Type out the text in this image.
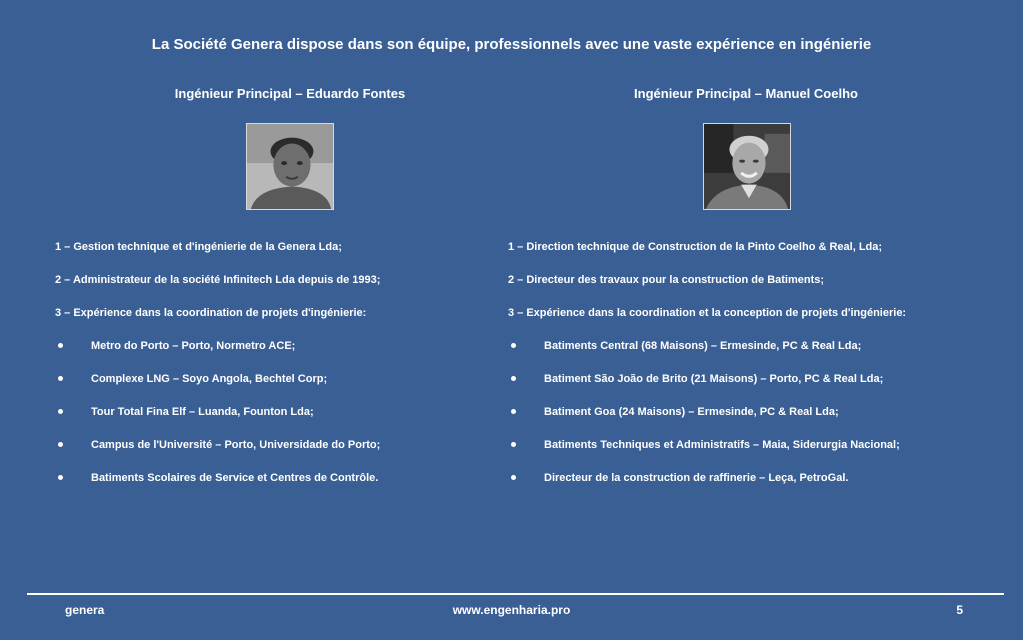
La Société Genera dispose dans son équipe, professionnels avec une vaste expérience en ingénierie
Ingénieur Principal – Eduardo Fontes	Ingénieur Principal – Manuel Coelho
1 – Gestion technique et d'ingénierie de la Genera Lda;
2 – Administrateur de la société Infinitech Lda depuis de 1993;
3 – Expérience dans la coordination de projets d'ingénierie:
Metro do Porto – Porto, Normetro ACE;
Complexe LNG – Soyo Angola, Bechtel Corp;
Tour Total Fina Elf – Luanda, Founton Lda;
Campus de l'Université – Porto, Universidade do Porto;
Batiments Scolaires de Service et Centres de Contrôle.
1 – Direction technique de Construction de la Pinto Coelho & Real, Lda;
2 – Directeur des travaux pour la construction de Batiments;
3 – Expérience dans la coordination et la conception de projets d'ingénierie:
Batiments Central (68 Maisons) – Ermesinde, PC & Real Lda;
Batiment São João de Brito (21 Maisons) – Porto, PC & Real Lda;
Batiment Goa (24 Maisons) – Ermesinde, PC & Real Lda;
Batiments Techniques et Administratifs – Maia, Siderurgia Nacional;
Directeur de la construction de raffinerie – Leça, PetroGal.
genera	www.engenharia.pro	5
